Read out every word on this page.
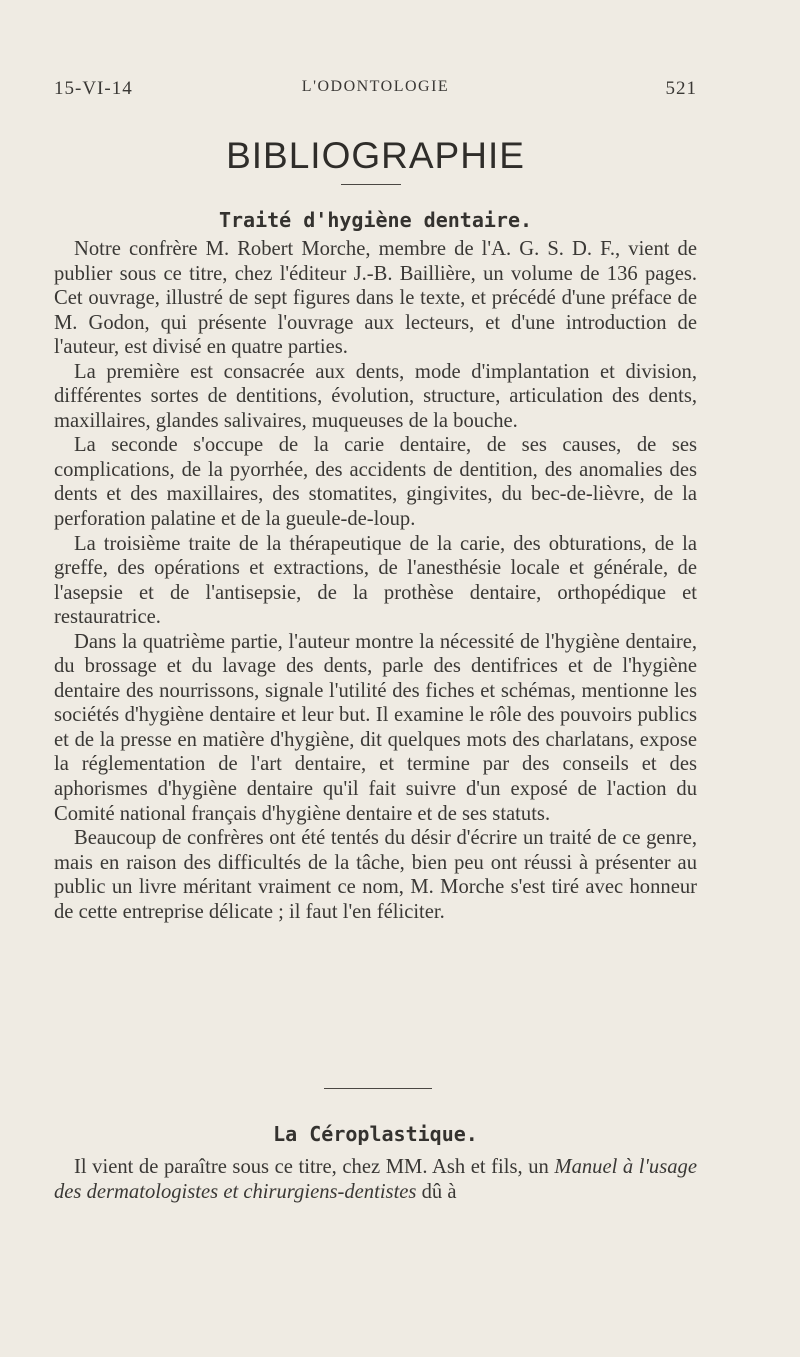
15-VI-14	L'ODONTOLOGIE	521
BIBLIOGRAPHIE
Traité d'hygiène dentaire.

Notre confrère M. Robert Morche, membre de l'A. G. S. D. F., vient de publier sous ce titre, chez l'éditeur J.-B. Baillière, un volume de 136 pages. Cet ouvrage, illustré de sept figures dans le texte, et précédé d'une préface de M. Godon, qui présente l'ouvrage aux lecteurs, et d'une introduction de l'auteur, est divisé en quatre parties.

La première est consacrée aux dents, mode d'implantation et division, différentes sortes de dentitions, évolution, structure, articulation des dents, maxillaires, glandes salivaires, muqueuses de la bouche.

La seconde s'occupe de la carie dentaire, de ses causes, de ses complications, de la pyorrhée, des accidents de dentition, des anomalies des dents et des maxillaires, des stomatites, gingivites, du bec-de-lièvre, de la perforation palatine et de la gueule-de-loup.

La troisième traite de la thérapeutique de la carie, des obturations, de la greffe, des opérations et extractions, de l'anesthésie locale et générale, de l'asepsie et de l'antisepsie, de la prothèse dentaire, orthopédique et restauratrice.

Dans la quatrième partie, l'auteur montre la nécessité de l'hygiène dentaire, du brossage et du lavage des dents, parle des dentifrices et de l'hygiène dentaire des nourrissons, signale l'utilité des fiches et schémas, mentionne les sociétés d'hygiène dentaire et leur but. Il examine le rôle des pouvoirs publics et de la presse en matière d'hygiène, dit quelques mots des charlatans, expose la réglementation de l'art dentaire, et termine par des conseils et des aphorismes d'hygiène dentaire qu'il fait suivre d'un exposé de l'action du Comité national français d'hygiène dentaire et de ses statuts.

Beaucoup de confrères ont été tentés du désir d'écrire un traité de ce genre, mais en raison des difficultés de la tâche, bien peu ont réussi à présenter au public un livre méritant vraiment ce nom, M. Morche s'est tiré avec honneur de cette entreprise délicate ; il faut l'en féliciter.

La Céroplastique.

Il vient de paraître sous ce titre, chez MM. Ash et fils, un Manuel à l'usage des dermatologistes et chirurgiens-dentistes dû à
